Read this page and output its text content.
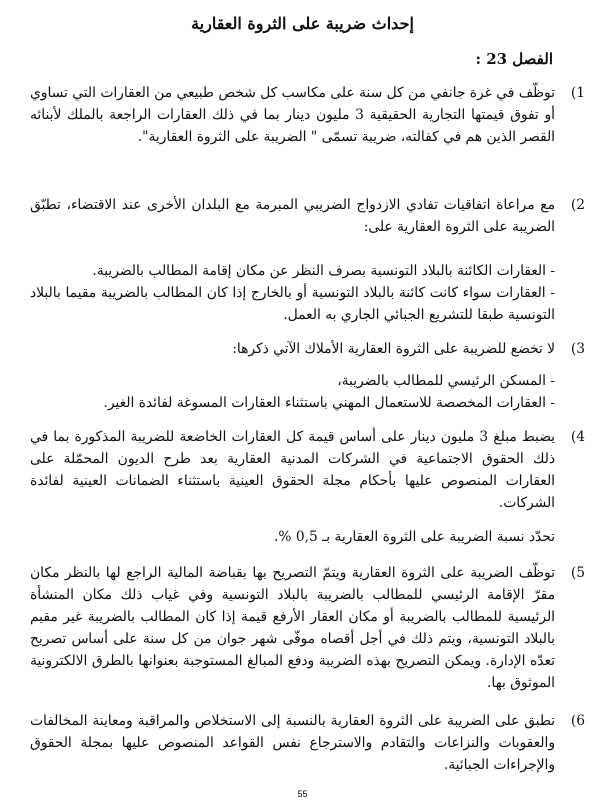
إحداث ضريبة على الثروة العقارية
الفصل 23 :
1)
توظّف في غرة جانفي من كل سنة على مكاسب كل شخص طبيعي من العقارات التي تساوي أو تفوق قيمتها التجارية الحقيقية 3 مليون دينار بما في ذلك العقارات الراجعة بالملك لأبنائه القصر الذين هم في كفالته، ضريبة تسمّى " الضريبة على الثروة العقارية".
2)
مع مراعاة اتفاقيات تفادي الازدواج الضريبي المبرمة مع البلدان الأخرى عند الاقتضاء، تطبّق الضريبة على الثروة العقارية على:
- العقارات الكائنة بالبلاد التونسية بصرف النظر عن مكان إقامة المطالب بالضريبة.
- العقارات سواء كانت كائنة بالبلاد التونسية أو بالخارج إذا كان المطالب بالضريبة مقيما بالبلاد التونسية طبقا للتشريع الجبائي الجاري به العمل.
3)
لا تخضع للضريبة على الثروة العقارية الأملاك الآتي ذكرها:
- المسكن الرئيسي للمطالب بالضريبة،
- العقارات المخصصة للاستعمال المهني باستثناء العقارات المسوغة لفائدة الغير.
4)
يضبط مبلغ 3 مليون دينار على أساس قيمة كل العقارات الخاضعة للضريبة المذكورة بما في ذلك الحقوق الاجتماعية في الشركات المدنية العقارية بعد طرح الديون المحمّلة على العقارات المنصوص عليها بأحكام مجلة الحقوق العينية باستثناء الضمانات العينية لفائدة الشركات.
تحدّد نسبة الضريبة على الثروة العقارية بـ 0,5 %.
5)
توظّف الضريبة على الثروة العقارية ويتمّ التصريح بها بقباضة المالية الراجع لها بالنظر مكان مقرّ الإقامة الرئيسي للمطالب بالضريبة بالبلاد التونسية وفي غياب ذلك مكان المنشأة الرئيسية للمطالب بالضريبة أو مكان العقار الأرفع قيمة إذا كان المطالب بالضريبة غير مقيم بالبلاد التونسية، ويتم ذلك في أجل أقصاه موفّى شهر جوان من كل سنة على أساس تصريح تعدّه الإدارة. ويمكن التصريح بهذه الضريبة ودفع المبالغ المستوجبة بعنوانها بالطرق الالكترونية الموثوق بها.
6)
تطبق على الضريبة على الثروة العقارية بالنسبة إلى الاستخلاص والمراقبة ومعاينة المخالفات والعقوبات والنزاعات والتقادم والاسترجاع نفس القواعد المنصوص عليها بمجلة الحقوق والإجراءات الجبائية.
55
